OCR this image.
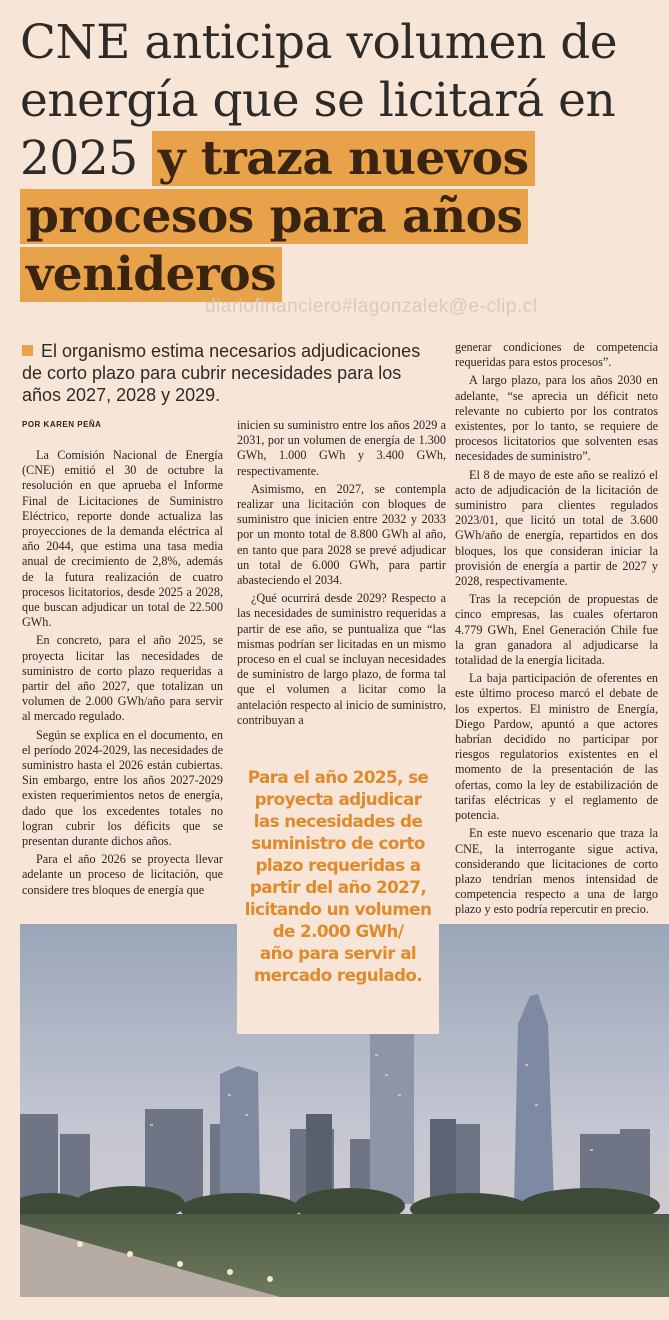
CNE anticipa volumen de energía que se licitará en 2025 y traza nuevos procesos para años venideros
diariofinanciero#lagonzalek@e-clip.cl
El organismo estima necesarios adjudicaciones de corto plazo para cubrir necesidades para los años 2027, 2028 y 2029.
POR KAREN PEÑA

La Comisión Nacional de Energía (CNE) emitió el 30 de octubre la resolución en que aprueba el Informe Final de Licitaciones de Suministro Eléctrico, reporte donde actualiza las proyecciones de la demanda eléctrica al año 2044, que estima una tasa media anual de crecimiento de 2,8%, además de la futura realización de cuatro procesos licitatorios, desde 2025 a 2028, que buscan adjudicar un total de 22.500 GWh.

En concreto, para el año 2025, se proyecta licitar las necesidades de suministro de corto plazo requeridas a partir del año 2027, que totalizan un volumen de 2.000 GWh/año para servir al mercado regulado.

Según se explica en el documento, en el período 2024-2029, las necesidades de suministro hasta el 2026 están cubiertas. Sin embargo, entre los años 2027-2029 existen requerimientos netos de energía, dado que los excedentes totales no logran cubrir los déficits que se presentan durante dichos años.

Para el año 2026 se proyecta llevar adelante un proceso de licitación, que considere tres bloques de energía que

inicien su suministro entre los años 2029 a 2031, por un volumen de energía de 1.300 GWh, 1.000 GWh y 3.400 GWh, respectivamente.

Asimismo, en 2027, se contempla realizar una licitación con bloques de suministro que inicien entre 2032 y 2033 por un monto total de 8.800 GWh al año, en tanto que para 2028 se prevé adjudicar un total de 6.000 GWh, para partir abasteciendo el 2034.

¿Qué ocurrirá desde 2029? Respecto a las necesidades de suministro requeridas a partir de ese año, se puntualiza que “las mismas podrían ser licitadas en un mismo proceso en el cual se incluyan necesidades de suministro de largo plazo, de forma tal que el volumen a licitar como la antelación respecto al inicio de suministro, contribuyan a

generar condiciones de competencia requeridas para estos procesos”.

A largo plazo, para los años 2030 en adelante, “se aprecia un déficit neto relevante no cubierto por los contratos existentes, por lo tanto, se requiere de procesos licitatorios que solventen esas necesidades de suministro”.

El 8 de mayo de este año se realizó el acto de adjudicación de la licitación de suministro para clientes regulados 2023/01, que licitó un total de 3.600 GWh/año de energía, repartidos en dos bloques, los que consideran iniciar la provisión de energía a partir de 2027 y 2028, respectivamente.

Tras la recepción de propuestas de cinco empresas, las cuales ofertaron 4.779 GWh, Enel Generación Chile fue la gran ganadora al adjudicarse la totalidad de la energía licitada.

La baja participación de oferentes en este último proceso marcó el debate de los expertos. El ministro de Energía, Diego Pardow, apuntó a que actores habrían decidido no participar por riesgos regulatorios existentes en el momento de la presentación de las ofertas, como la ley de estabilización de tarifas eléctricas y el reglamento de potencia.

En este nuevo escenario que traza la CNE, la interrogante sigue activa, considerando que licitaciones de corto plazo tendrían menos intensidad de competencia respecto a una de largo plazo y esto podría repercutir en precio.

Para el año 2025, se
proyecta adjudicar
las necesidades de
suministro de corto
plazo requeridas a
partir del año 2027,
licitando un volumen
de 2.000 GWh/
año para servir al
mercado regulado.
